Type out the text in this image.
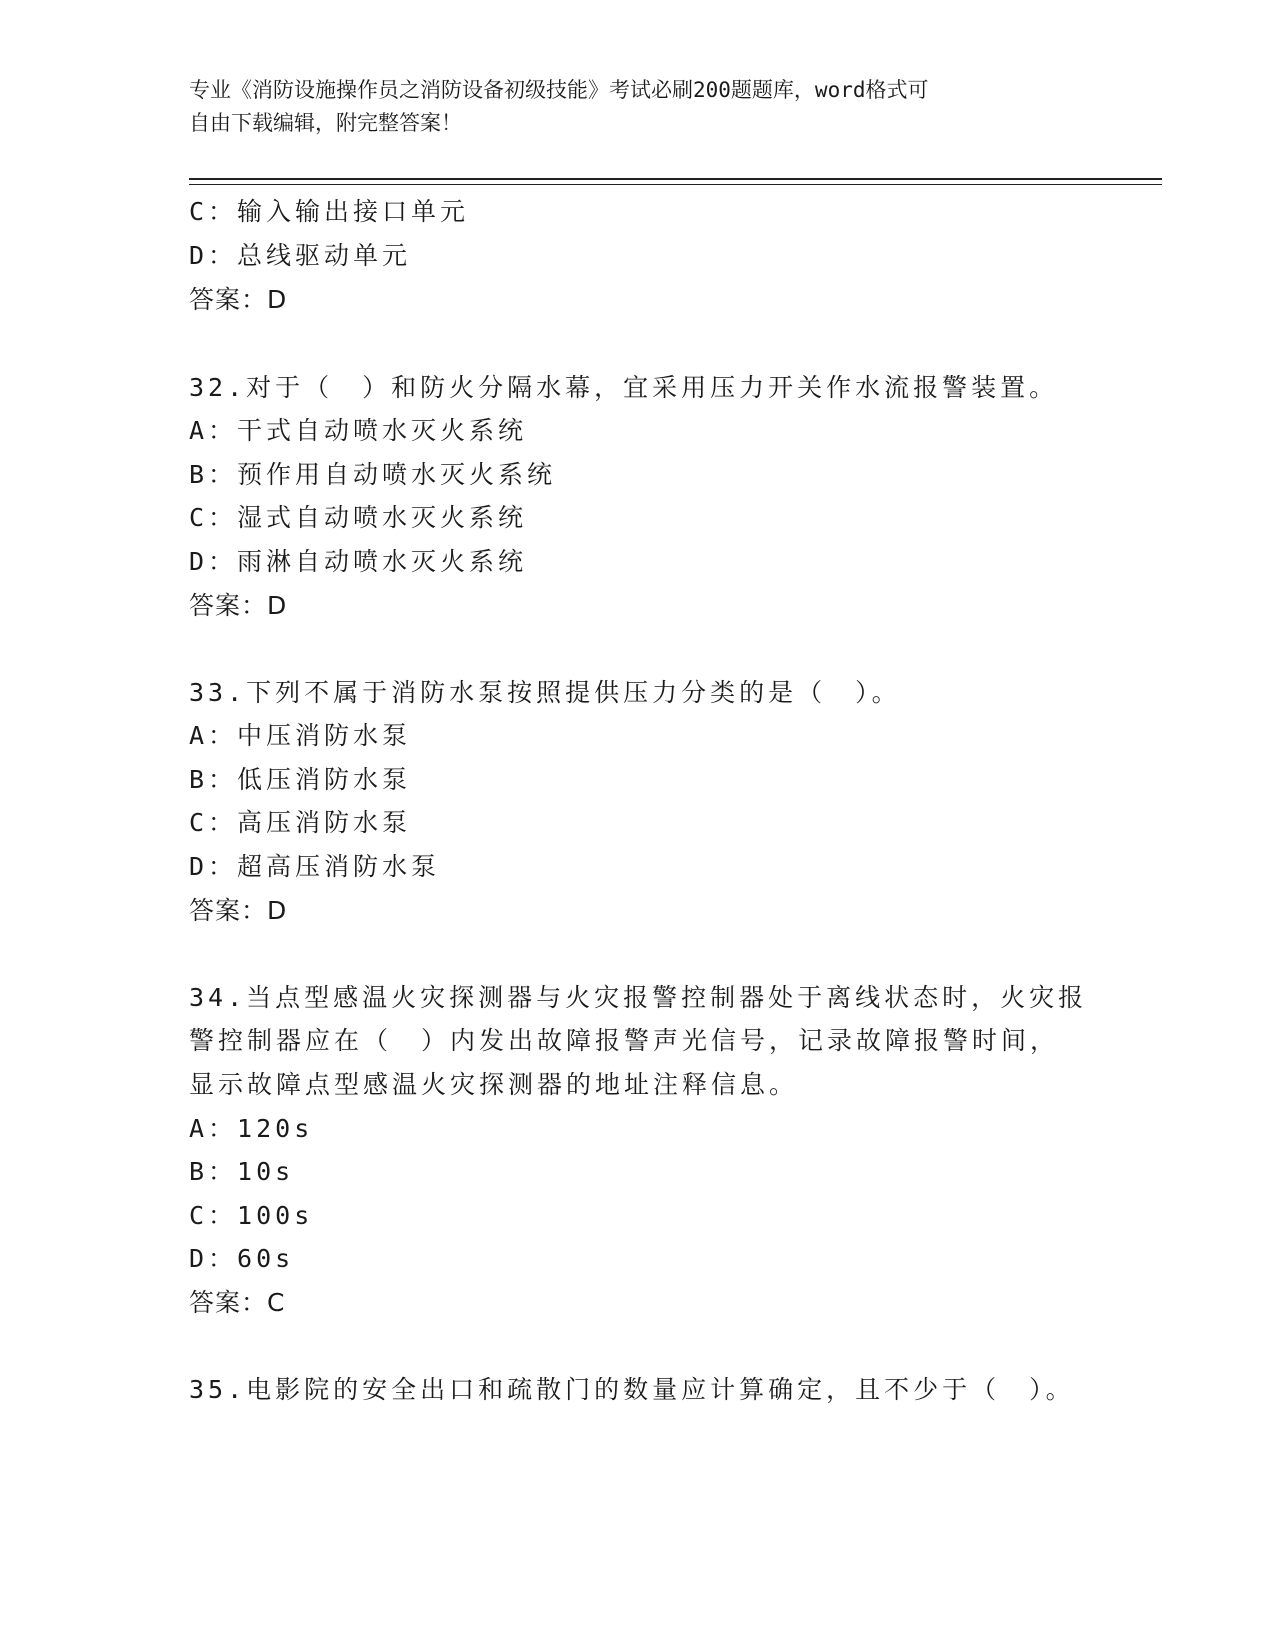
专业《消防设施操作员之消防设备初级技能》考试必刷200题题库，word格式可
自由下载编辑，附完整答案！
C：输入输出接口单元
D：总线驱动单元
答案：D
32.对于（　）和防火分隔水幕，宜采用压力开关作水流报警装置。
A：干式自动喷水灭火系统
B：预作用自动喷水灭火系统
C：湿式自动喷水灭火系统
D：雨淋自动喷水灭火系统
答案：D
33.下列不属于消防水泵按照提供压力分类的是（　）。
A：中压消防水泵
B：低压消防水泵
C：高压消防水泵
D：超高压消防水泵
答案：D
34.当点型感温火灾探测器与火灾报警控制器处于离线状态时，火灾报
警控制器应在（　）内发出故障报警声光信号，记录故障报警时间，
显示故障点型感温火灾探测器的地址注释信息。
A：120s
B：10s
C：100s
D：60s
答案：C
35.电影院的安全出口和疏散门的数量应计算确定，且不少于（　）。
